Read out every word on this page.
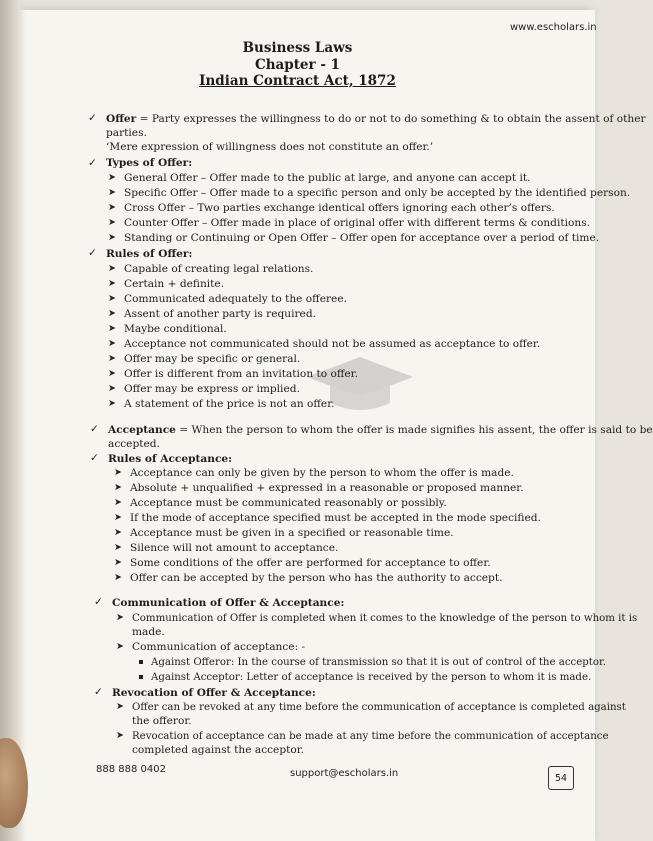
www.escholars.in
Business Laws
Chapter - 1
Indian Contract Act, 1872
✓ Offer = Party expresses the willingness to do or not to do something & to obtain the assent of other
parties.
‘Mere expression of willingness does not constitute an offer.’
✓ Types of Offer:
➤ General Offer – Offer made to the public at large, and anyone can accept it.
➤ Specific Offer – Offer made to a specific person and only be accepted by the identified person.
➤ Cross Offer – Two parties exchange identical offers ignoring each other’s offers.
➤ Counter Offer – Offer made in place of original offer with different terms & conditions.
➤ Standing or Continuing or Open Offer – Offer open for acceptance over a period of time.
✓ Rules of Offer:
➤ Capable of creating legal relations.
➤ Certain + definite.
➤ Communicated adequately to the offeree.
➤ Assent of another party is required.
➤ Maybe conditional.
➤ Acceptance not communicated should not be assumed as acceptance to offer.
➤ Offer may be specific or general.
➤ Offer is different from an invitation to offer.
➤ Offer may be express or implied.
➤ A statement of the price is not an offer.
✓ Acceptance = When the person to whom the offer is made signifies his assent, the offer is said to be
accepted.
✓ Rules of Acceptance:
➤ Acceptance can only be given by the person to whom the offer is made.
➤ Absolute + unqualified + expressed in a reasonable or proposed manner.
➤ Acceptance must be communicated reasonably or possibly.
➤ If the mode of acceptance specified must be accepted in the mode specified.
➤ Acceptance must be given in a specified or reasonable time.
➤ Silence will not amount to acceptance.
➤ Some conditions of the offer are performed for acceptance to offer.
➤ Offer can be accepted by the person who has the authority to accept.
✓ Communication of Offer & Acceptance:
➤ Communication of Offer is completed when it comes to the knowledge of the person to whom it is
made.
➤ Communication of acceptance: -
Against Offeror: In the course of transmission so that it is out of control of the acceptor.
Against Acceptor: Letter of acceptance is received by the person to whom it is made.
✓ Revocation of Offer & Acceptance:
➤ Offer can be revoked at any time before the communication of acceptance is completed against
the offeror.
➤ Revocation of acceptance can be made at any time before the communication of acceptance
completed against the acceptor.
888 888 0402	support@escholars.in	54
